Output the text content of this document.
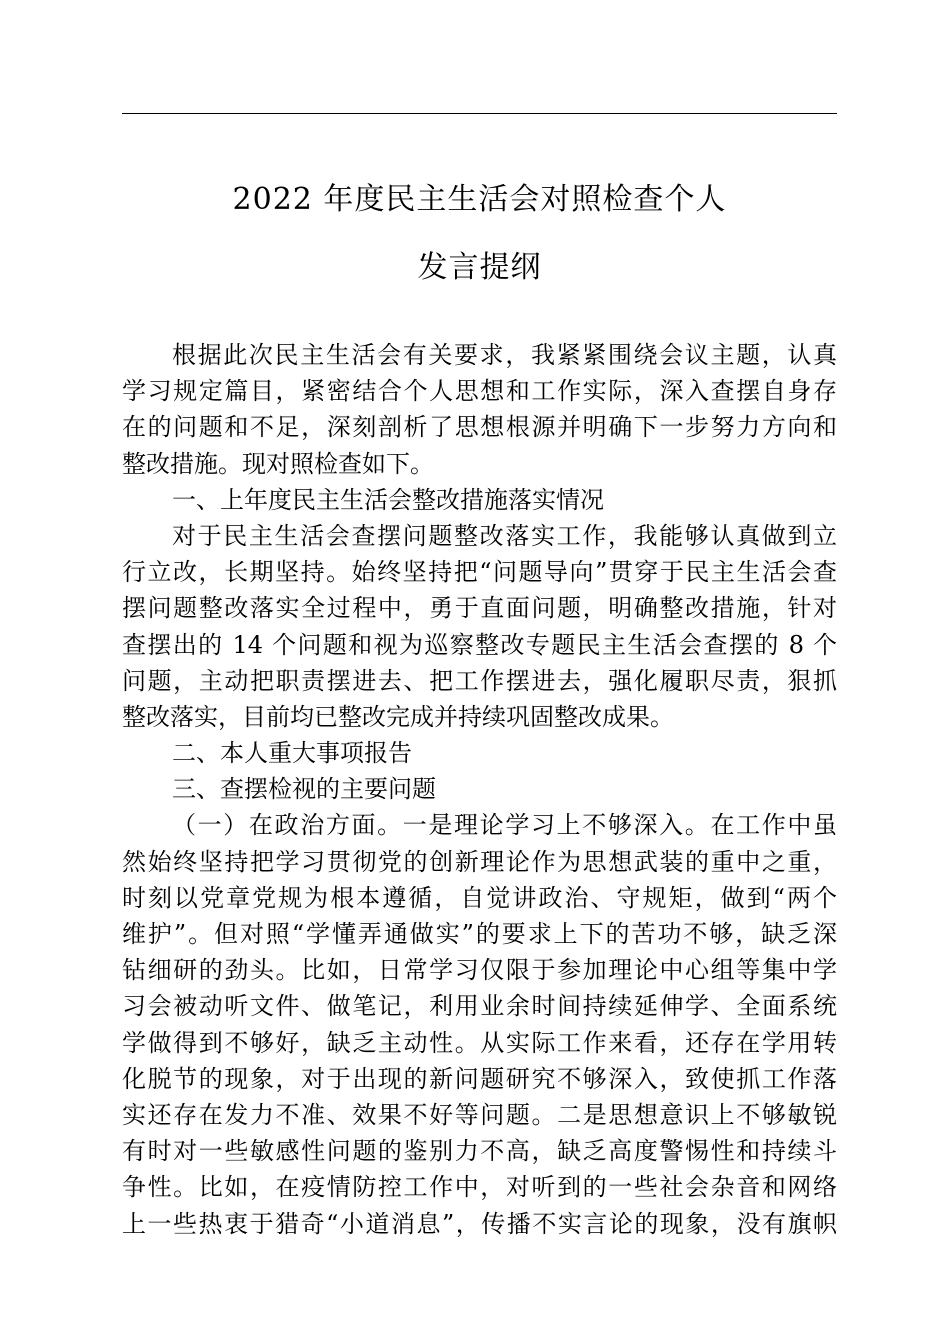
2022 年度民主生活会对照检查个人
发言提纲
根据此次民主生活会有关要求，我紧紧围绕会议主题，认真
学习规定篇目，紧密结合个人思想和工作实际，深入查摆自身存
在的问题和不足，深刻剖析了思想根源并明确下一步努力方向和
整改措施。现对照检查如下。
一、上年度民主生活会整改措施落实情况
对于民主生活会查摆问题整改落实工作，我能够认真做到立
行立改，长期坚持。始终坚持把“问题导向”贯穿于民主生活会查
摆问题整改落实全过程中，勇于直面问题，明确整改措施，针对
查摆出的 14 个问题和视为巡察整改专题民主生活会查摆的 8 个
问题，主动把职责摆进去、把工作摆进去，强化履职尽责，狠抓
整改落实，目前均已整改完成并持续巩固整改成果。
二、本人重大事项报告
三、查摆检视的主要问题
（一）在政治方面。一是理论学习上不够深入。在工作中虽
然始终坚持把学习贯彻党的创新理论作为思想武装的重中之重，
时刻以党章党规为根本遵循，自觉讲政治、守规矩，做到“两个
维护”。但对照“学懂弄通做实”的要求上下的苦功不够，缺乏深
钻细研的劲头。比如，日常学习仅限于参加理论中心组等集中学
习会被动听文件、做笔记，利用业余时间持续延伸学、全面系统
学做得到不够好，缺乏主动性。从实际工作来看，还存在学用转
化脱节的现象，对于出现的新问题研究不够深入，致使抓工作落
实还存在发力不准、效果不好等问题。二是思想意识上不够敏锐
有时对一些敏感性问题的鉴别力不高，缺乏高度警惕性和持续斗
争性。比如，在疫情防控工作中，对听到的一些社会杂音和网络
上一些热衷于猎奇“小道消息”，传播不实言论的现象，没有旗帜
